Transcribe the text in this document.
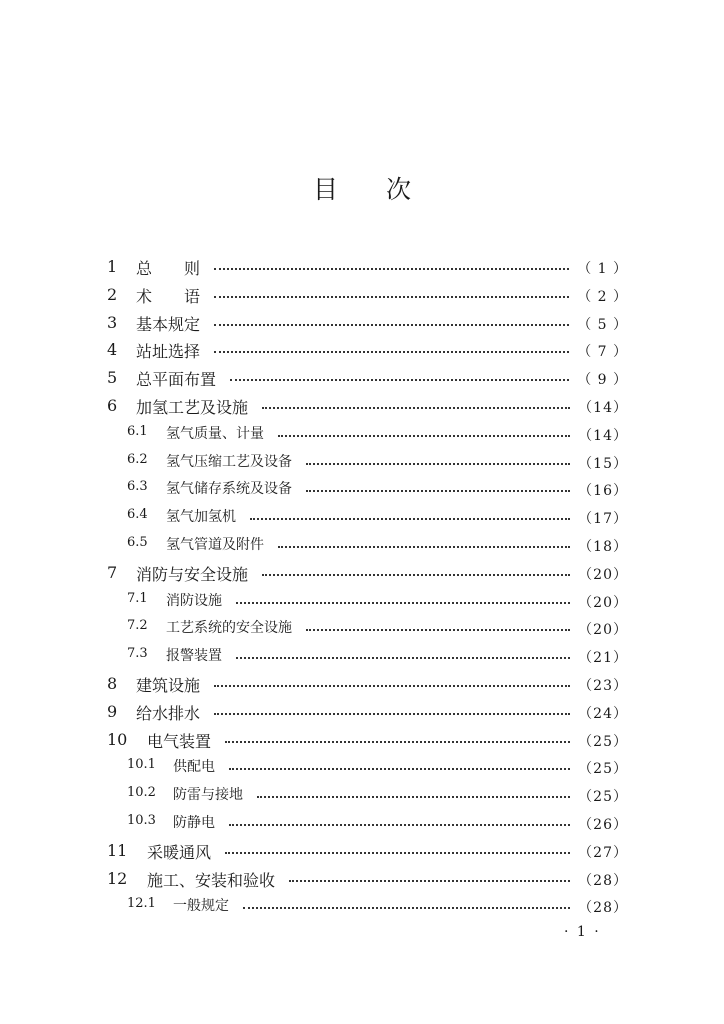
目 次
1 总　　则	（ 1 ）
2 术　　语	（ 2 ）
3 基本规定	（ 5 ）
4 站址选择	（ 7 ）
5 总平面布置	（ 9 ）
6 加氢工艺及设施	（14）
6.1 氢气质量、计量	（14）
6.2 氢气压缩工艺及设备	（15）
6.3 氢气储存系统及设备	（16）
6.4 氢气加氢机	（17）
6.5 氢气管道及附件	（18）
7 消防与安全设施	（20）
7.1 消防设施	（20）
7.2 工艺系统的安全设施	（20）
7.3 报警装置	（21）
8 建筑设施	（23）
9 给水排水	（24）
10 电气装置	（25）
10.1 供配电	（25）
10.2 防雷与接地	（25）
10.3 防静电	（26）
11 采暖通风	（27）
12 施工、安装和验收	（28）
12.1 一般规定	（28）
· 1 ·
